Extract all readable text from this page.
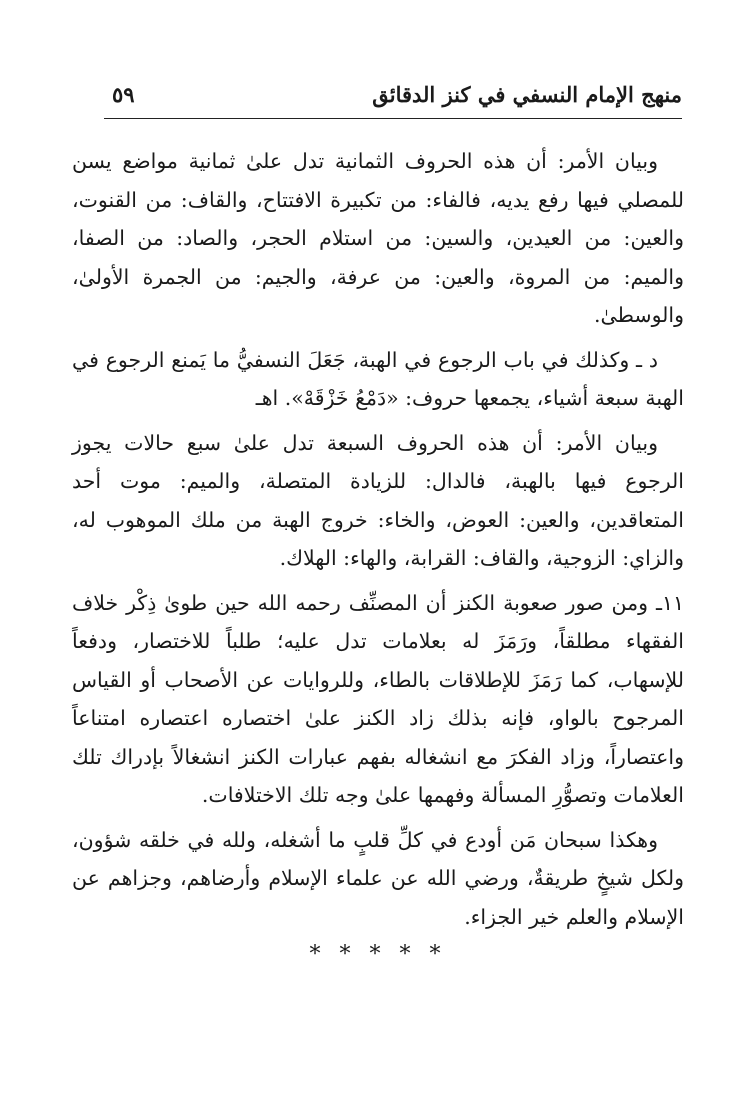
منهج الإمام النسفي في كنز الدقائق
٥٩

وبيان الأمر: أن هذه الحروف الثمانية تدل علىٰ ثمانية مواضع يسن للمصلي فيها رفع يديه، فالفاء: من تكبيرة الافتتاح، والقاف: من القنوت، والعين: من العيدين، والسين: من استلام الحجر، والصاد: من الصفا، والميم: من المروة، والعين: من عرفة، والجيم: من الجمرة الأولىٰ، والوسطىٰ.

د ـ وكذلك في باب الرجوع في الهبة، جَعَلَ النسفيُّ ما يَمنع الرجوع في الهبة سبعة أشياء، يجمعها حروف: «دَمْعُ خَزْقَهْ». اهـ

وبيان الأمر: أن هذه الحروف السبعة تدل علىٰ سبع حالات يجوز الرجوع فيها بالهبة، فالدال: للزيادة المتصلة، والميم: موت أحد المتعاقدين، والعين: العوض، والخاء: خروج الهبة من ملك الموهوب له، والزاي: الزوجية، والقاف: القرابة، والهاء: الهلاك.

١١ـ ومن صور صعوبة الكنز أن المصنِّف رحمه الله حين طوىٰ ذِكْر خلاف الفقهاء مطلقاً، ورَمَزَ له بعلامات تدل عليه؛ طلباً للاختصار، ودفعاً للإسهاب، كما رَمَزَ للإطلاقات بالطاء، وللروايات عن الأصحاب أو القياس المرجوح بالواو، فإنه بذلك زاد الكنز علىٰ اختصاره اعتصاره امتناعاً واعتصاراً، وزاد الفكرَ مع انشغاله بفهم عبارات الكنز انشغالاً بإدراك تلك العلامات وتصوُّرِ المسألة وفهمها علىٰ وجه تلك الاختلافات.

وهكذا سبحان مَن أودع في كلِّ قلبٍ ما أشغله، ولله في خلقه شؤون، ولكل شيخٍ طريقةٌ، ورضي الله عن علماء الإسلام وأرضاهم، وجزاهم عن الإسلام والعلم خير الجزاء.

* * * * *
